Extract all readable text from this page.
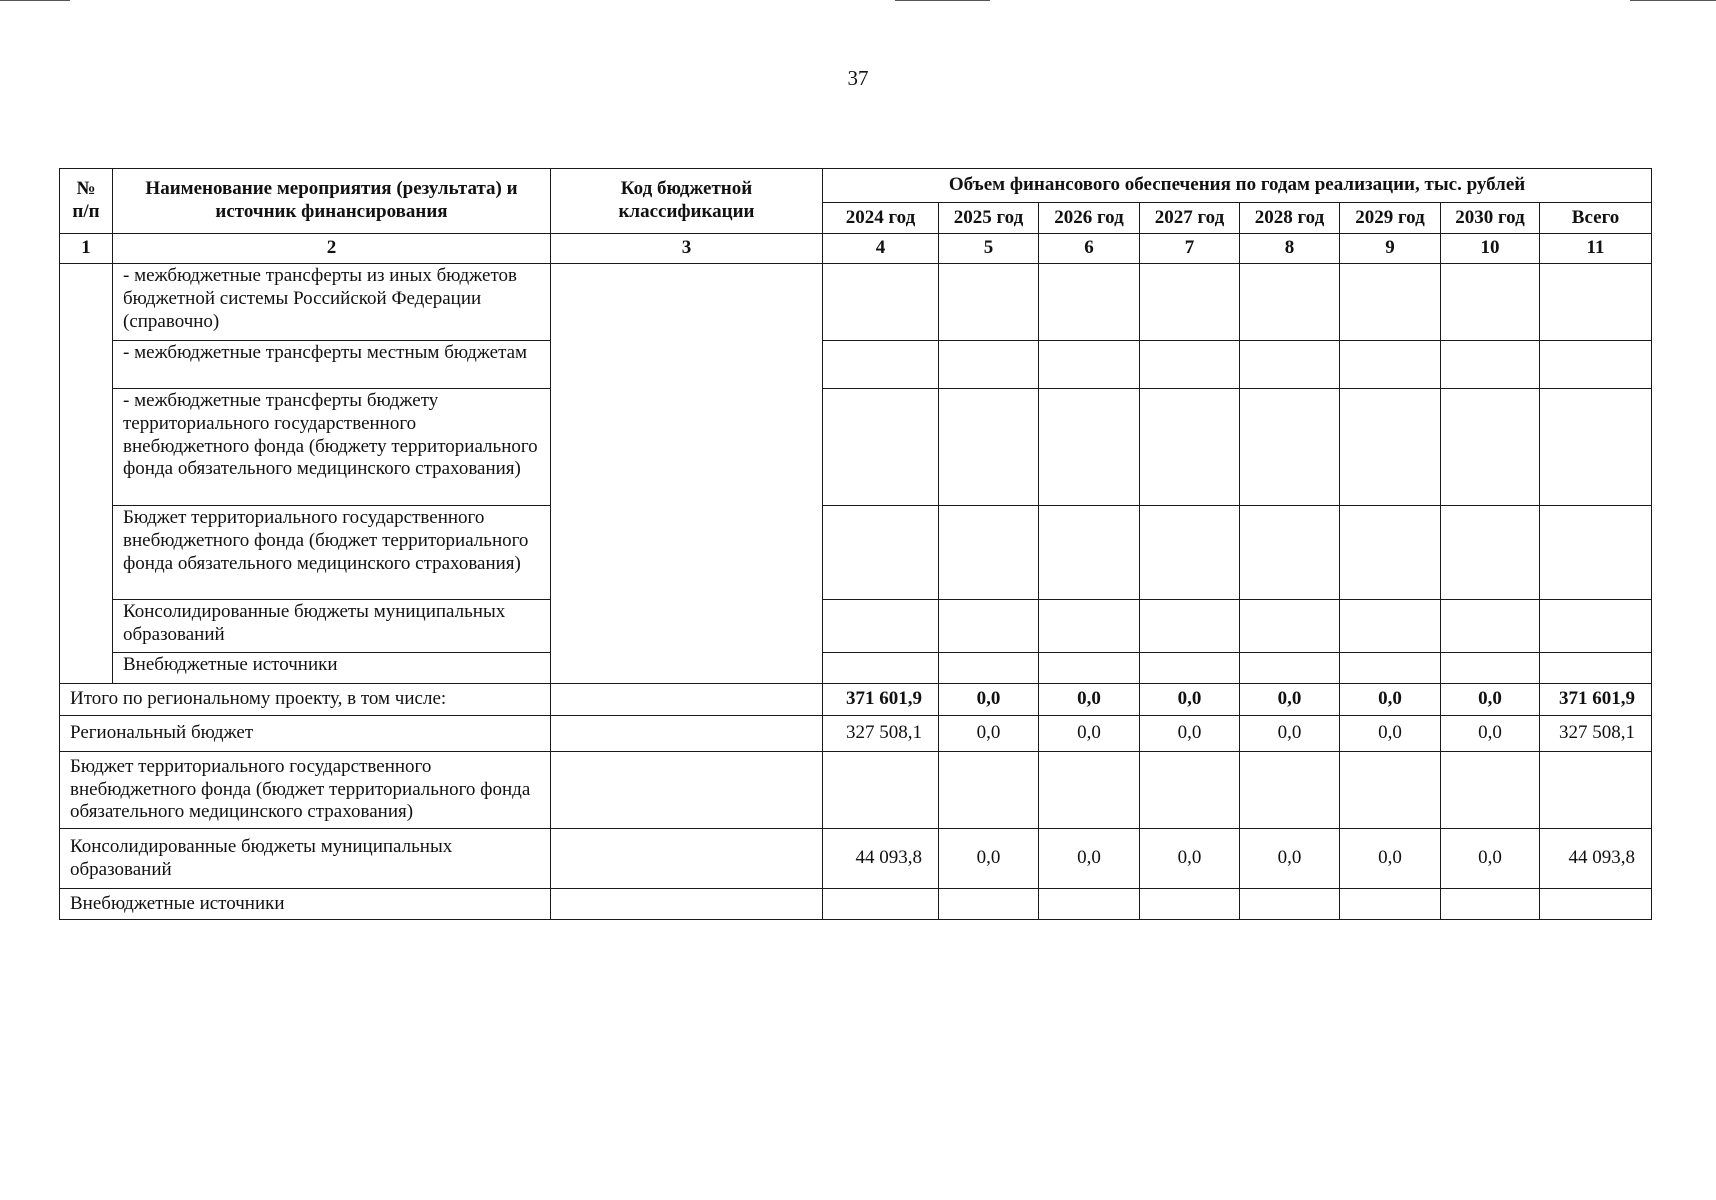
37
№ п/п	Наименование мероприятия (результата) и источник финансирования	Код бюджетной классификации	Объем финансового обеспечения по годам реализации, тыс. рублей							
			2024 год	2025 год	2026 год	2027 год	2028 год	2029 год	2030 год	Всего
1	2	3	4	5	6	7	8	9	10	11
	- межбюджетные трансферты из иных бюджетов бюджетной системы Российской Федерации (справочно)									
	- межбюджетные трансферты местным бюджетам									
	- межбюджетные трансферты бюджету территориального государственного внебюджетного фонда (бюджету территориального фонда обязательного медицинского страхования)									
	Бюджет территориального государственного внебюджетного фонда (бюджет территориального фонда обязательного медицинского страхования)									
	Консолидированные бюджеты муниципальных образований									
	Внебюджетные источники									
Итого по региональному проекту, в том числе:			371 601,9	0,0	0,0	0,0	0,0	0,0	0,0	371 601,9
Региональный бюджет			327 508,1	0,0	0,0	0,0	0,0	0,0	0,0	327 508,1
Бюджет территориального государственного внебюджетного фонда (бюджет территориального фонда обязательного медицинского страхования)										
Консолидированные бюджеты муниципальных образований			44 093,8	0,0	0,0	0,0	0,0	0,0	0,0	44 093,8
Внебюджетные источники										
